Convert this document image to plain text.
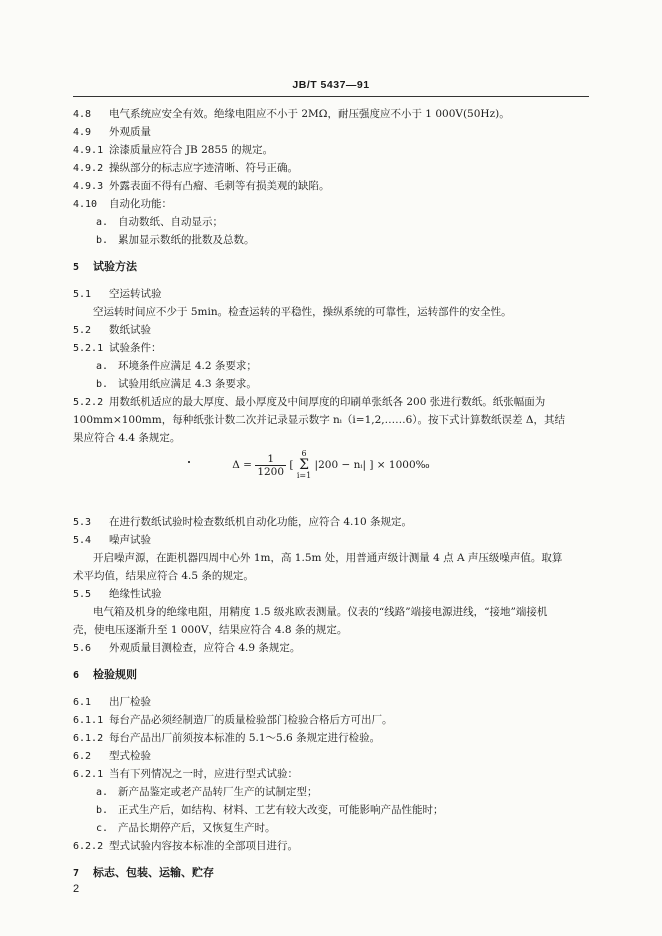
JB/T 5437—91
4.8 电气系统应安全有效。绝缘电阻应不小于 2MΩ，耐压强度应不小于 1 000V(50Hz)。
4.9 外观质量
4.9.1 涂漆质量应符合 JB 2855 的规定。
4.9.2 操纵部分的标志应字迹清晰、符号正确。
4.9.3 外露表面不得有凸瘤、毛刺等有损美观的缺陷。
4.10 自动化功能：
a. 自动数纸、自动显示；
b. 累加显示数纸的批数及总数。
5 试验方法
5.1 空运转试验
空运转时间应不少于 5min。检查运转的平稳性，操纵系统的可靠性，运转部件的安全性。
5.2 数纸试验
5.2.1 试验条件：
a. 环境条件应满足 4.2 条要求；
b. 试验用纸应满足 4.3 条要求。
5.2.2 用数纸机适应的最大厚度、最小厚度及中间厚度的印刷单张纸各 200 张进行数纸。纸张幅面为
100mm×100mm，每种纸张计数二次并记录显示数字 nᵢ（i=1,2,……6）。按下式计算数纸误差 Δ，其结
果应符合 4.4 条规定。
5.3 在进行数纸试验时检查数纸机自动化功能，应符合 4.10 条规定。
5.4 噪声试验
开启噪声源，在距机器四周中心外 1m，高 1.5m 处，用普通声级计测量 4 点 A 声压级噪声值。取算
术平均值，结果应符合 4.5 条的规定。
5.5 绝缘性试验
电气箱及机身的绝缘电阻，用精度 1.5 级兆欧表测量。仪表的“线路”端接电源进线，“接地”端接机
壳，使电压逐渐升至 1 000V，结果应符合 4.8 条的规定。
5.6 外观质量目测检查，应符合 4.9 条规定。
6 检验规则
6.1 出厂检验
6.1.1 每台产品必须经制造厂的质量检验部门检验合格后方可出厂。
6.1.2 每台产品出厂前须按本标准的 5.1～5.6 条规定进行检验。
6.2 型式检验
6.2.1 当有下列情况之一时，应进行型式试验：
a. 新产品鉴定或老产品转厂生产的试制定型；
b. 正式生产后，如结构、材料、工艺有较大改变，可能影响产品性能时；
c. 产品长期停产后，又恢复生产时。
6.2.2 型式试验内容按本标准的全部项目进行。
7 标志、包装、运输、贮存
$\Delta = \frac{1}{1200}$ [ 6
Σ
i=1 |200 − nᵢ| ] × 1000‰
2
